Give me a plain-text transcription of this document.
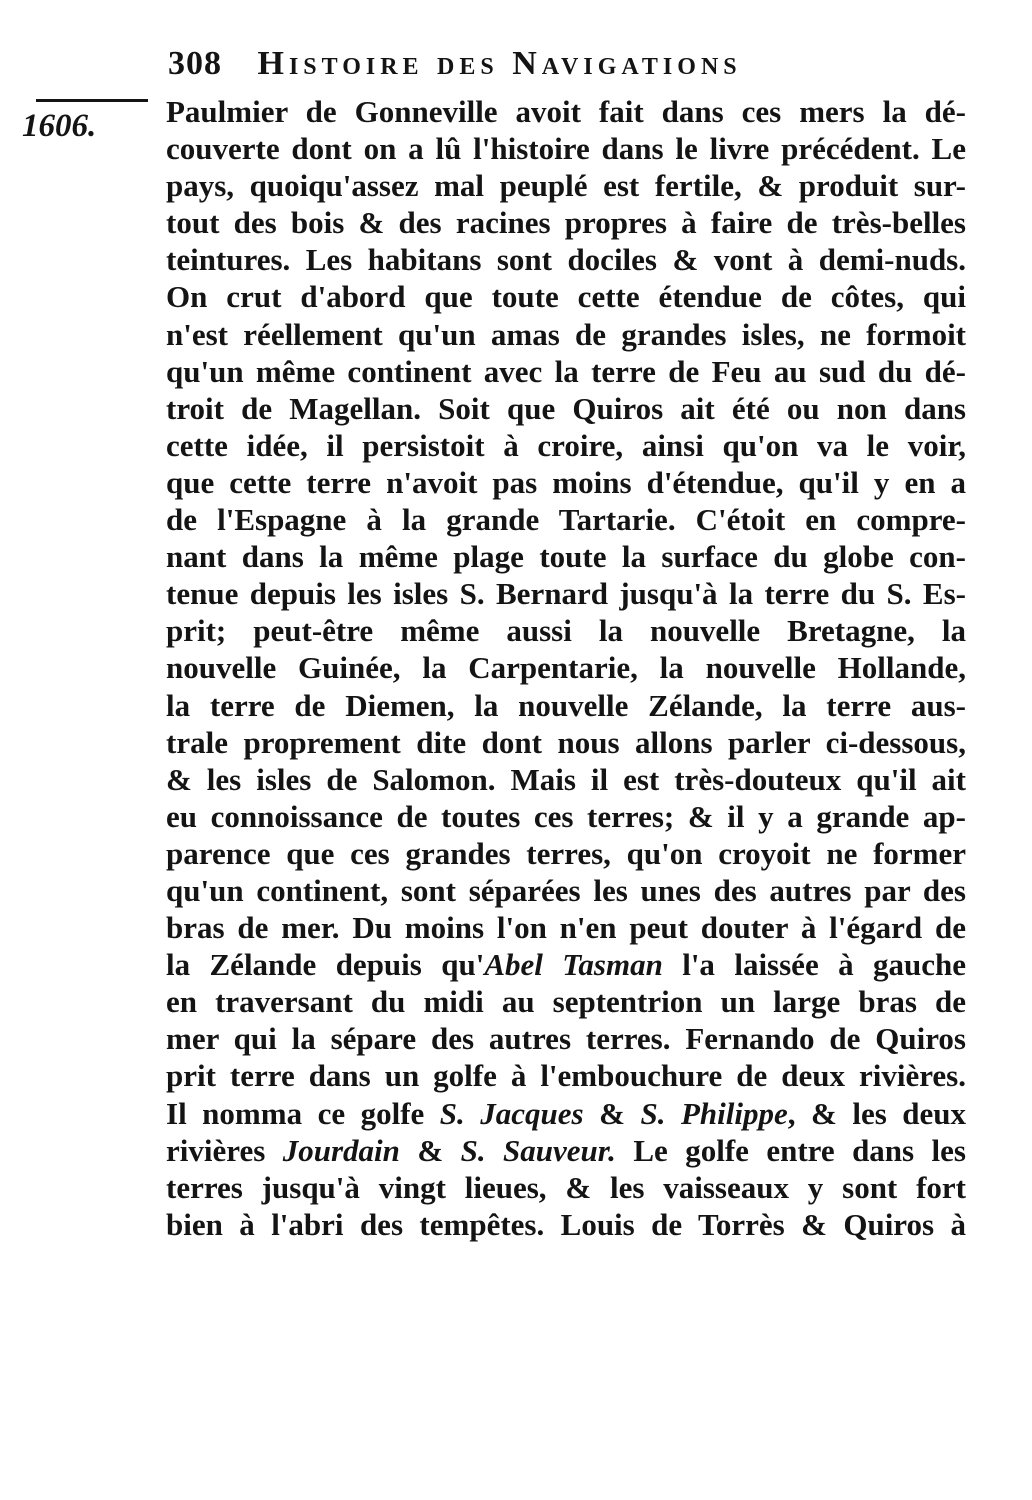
308 Histoire des Navigations
1606. Paulmier de Gonneville avoit fait dans ces mers la dé-
couverte dont on a lû l'histoire dans le livre précédent. Le
pays, quoiqu'assez mal peuplé est fertile, & produit sur-
tout des bois & des racines propres à faire de très-belles
teintures. Les habitans sont dociles & vont à demi-nuds.
On crut d'abord que toute cette étendue de côtes, qui
n'est réellement qu'un amas de grandes isles, ne formoit
qu'un même continent avec la terre de Feu au sud du dé-
troit de Magellan. Soit que Quiros ait été ou non dans
cette idée, il persistoit à croire, ainsi qu'on va le voir,
que cette terre n'avoit pas moins d'étendue, qu'il y en a
de l'Espagne à la grande Tartarie. C'étoit en compre-
nant dans la même plage toute la surface du globe con-
tenue depuis les isles S. Bernard jusqu'à la terre du S. Es-
prit; peut-être même aussi la nouvelle Bretagne, la
nouvelle Guinée, la Carpentarie, la nouvelle Hollande,
la terre de Diemen, la nouvelle Zélande, la terre aus-
trale proprement dite dont nous allons parler ci-dessous,
& les isles de Salomon. Mais il est très-douteux qu'il ait
eu connoissance de toutes ces terres; & il y a grande ap-
parence que ces grandes terres, qu'on croyoit ne former
qu'un continent, sont séparées les unes des autres par des
bras de mer. Du moins l'on n'en peut douter à l'égard de
la Zélande depuis qu'Abel Tasman l'a laissée à gauche
en traversant du midi au septentrion un large bras de
mer qui la sépare des autres terres. Fernando de Quiros
prit terre dans un golfe à l'embouchure de deux rivières.
Il nomma ce golfe S. Jacques & S. Philippe, & les deux
rivières Jourdain & S. Sauveur. Le golfe entre dans les
terres jusqu'à vingt lieues, & les vaisseaux y sont fort
bien à l'abri des tempêtes. Louis de Torrès & Quiros à
